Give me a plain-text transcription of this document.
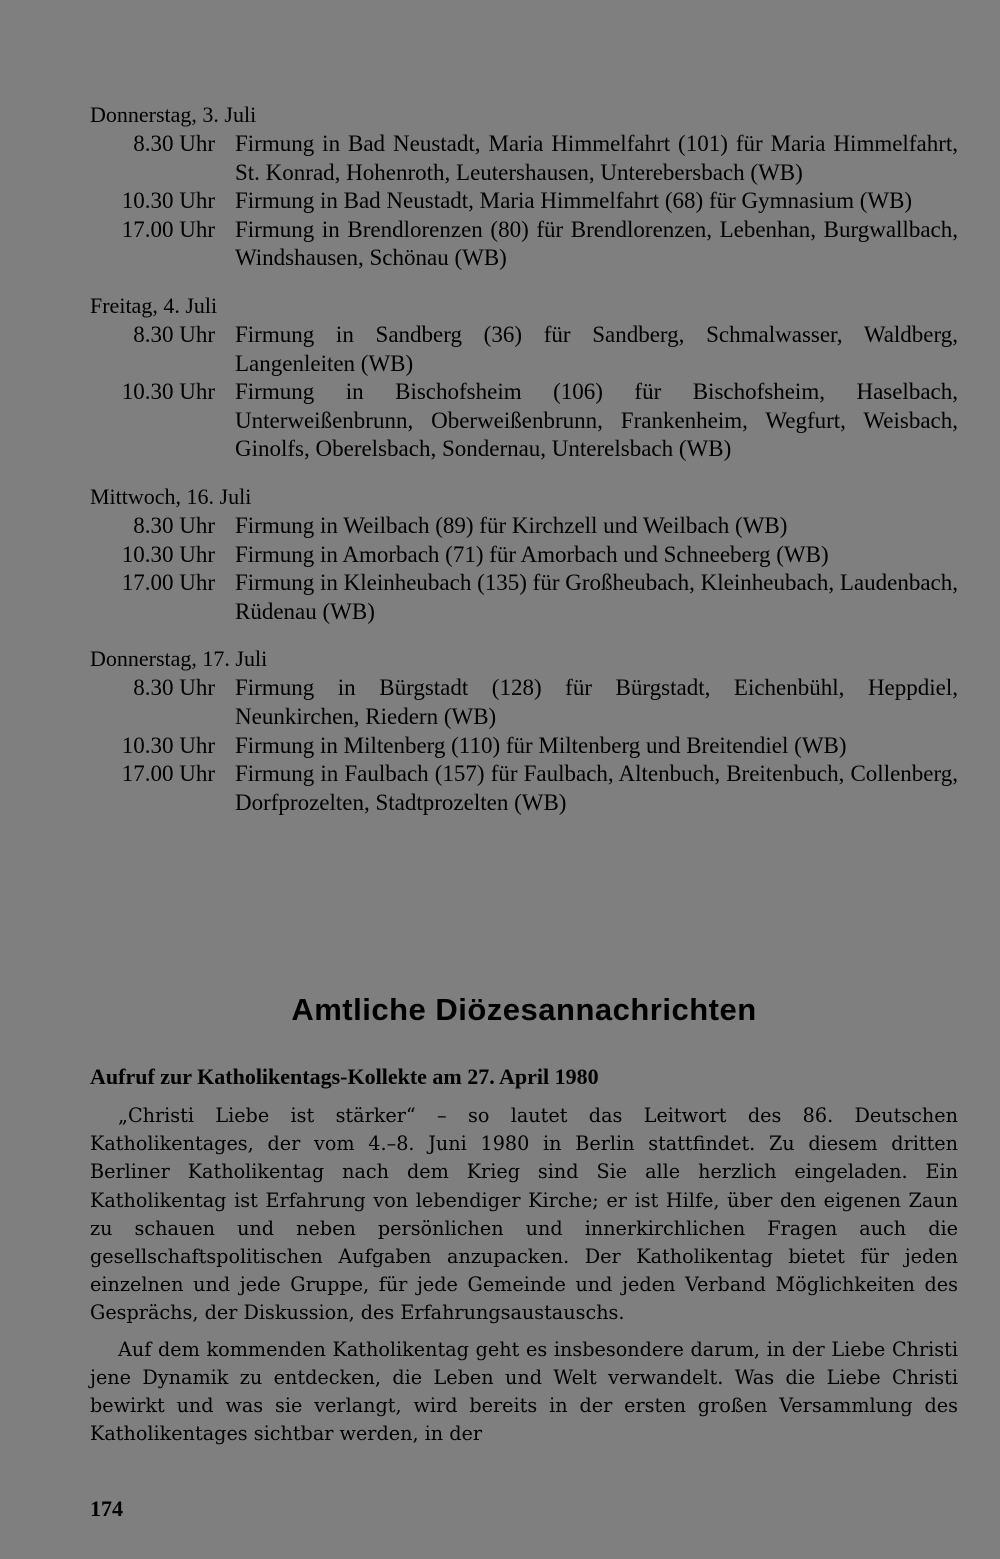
Donnerstag, 3. Juli
8.30 Uhr Firmung in Bad Neustadt, Maria Himmelfahrt (101) für Maria Himmelfahrt, St. Konrad, Hohenroth, Leutershausen, Unterebersbach (WB)
10.30 Uhr Firmung in Bad Neustadt, Maria Himmelfahrt (68) für Gymnasium (WB)
17.00 Uhr Firmung in Brendlorenzen (80) für Brendlorenzen, Lebenhan, Burgwallbach, Windshausen, Schönau (WB)
Freitag, 4. Juli
8.30 Uhr Firmung in Sandberg (36) für Sandberg, Schmalwasser, Waldberg, Langenleiten (WB)
10.30 Uhr Firmung in Bischofsheim (106) für Bischofsheim, Haselbach, Unterweißenbrunn, Oberweißenbrunn, Frankenheim, Wegfurt, Weisbach, Ginolfs, Oberelsbach, Sondernau, Unterelsbach (WB)
Mittwoch, 16. Juli
8.30 Uhr Firmung in Weilbach (89) für Kirchzell und Weilbach (WB)
10.30 Uhr Firmung in Amorbach (71) für Amorbach und Schneeberg (WB)
17.00 Uhr Firmung in Kleinheubach (135) für Großheubach, Kleinheubach, Laudenbach, Rüdenau (WB)
Donnerstag, 17. Juli
8.30 Uhr Firmung in Bürgstadt (128) für Bürgstadt, Eichenbühl, Heppdiel, Neunkirchen, Riedern (WB)
10.30 Uhr Firmung in Miltenberg (110) für Miltenberg und Breitendiel (WB)
17.00 Uhr Firmung in Faulbach (157) für Faulbach, Altenbuch, Breitenbuch, Collenberg, Dorfprozelten, Stadtprozelten (WB)
Amtliche Diözesannachrichten
Aufruf zur Katholikentags-Kollekte am 27. April 1980

„Christi Liebe ist stärker“ – so lautet das Leitwort des 86. Deutschen Katholikentages, der vom 4.–8. Juni 1980 in Berlin stattfindet. Zu diesem dritten Berliner Katholikentag nach dem Krieg sind Sie alle herzlich eingeladen. Ein Katholikentag ist Erfahrung von lebendiger Kirche; er ist Hilfe, über den eigenen Zaun zu schauen und neben persönlichen und innerkirchlichen Fragen auch die gesellschaftspolitischen Aufgaben anzupacken. Der Katholikentag bietet für jeden einzelnen und jede Gruppe, für jede Gemeinde und jeden Verband Möglichkeiten des Gesprächs, der Diskussion, des Erfahrungsaustauschs.

Auf dem kommenden Katholikentag geht es insbesondere darum, in der Liebe Christi jene Dynamik zu entdecken, die Leben und Welt verwandelt. Was die Liebe Christi bewirkt und was sie verlangt, wird bereits in der ersten großen Versammlung des Katholikentages sichtbar werden, in der

174
